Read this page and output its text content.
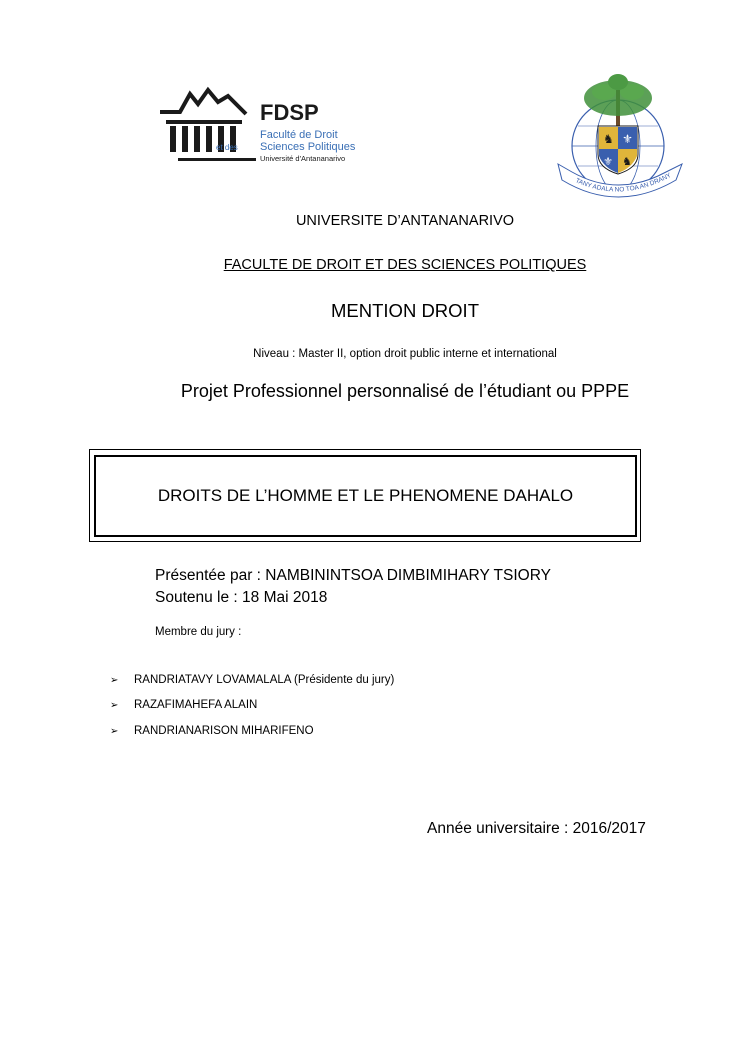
FDSP
Faculté de Droit
et des Sciences Politiques
Université d'Antananarivo
♞ ⚜
⚜ ♞
TANY ADALA NO TOA AN DRANY
UNIVERSITE D’ANTANANARIVO
FACULTE DE DROIT ET DES SCIENCES POLITIQUES
MENTION DROIT
Niveau : Master II, option droit public interne et international
Projet Professionnel personnalisé de l’étudiant ou PPPE
DROITS DE L’HOMME ET LE PHENOMENE DAHALO
Présentée par : NAMBININTSOA DIMBIMIHARY TSIORY
Soutenu le : 18 Mai 2018
Membre du jury :
➢	RANDRIATAVY LOVAMALALA (Présidente du jury)
➢	RAZAFIMAHEFA ALAIN
➢	RANDRIANARISON MIHARIFENO
Année universitaire : 2016/2017
